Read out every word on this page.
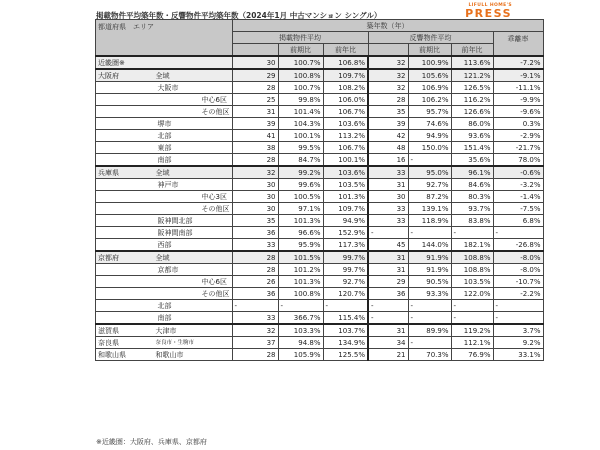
掲載物件平均築年数・反響物件平均築年数（2024年1月 中古マンション シングル）
LIFULL HOME'S
PRESS
都道府県　エリア		築年数（年）						
		掲載物件平均			反響物件平均			乖離率
			前期比	前年比		前期比	前年比	
近畿圏※		30	100.7%	106.8%	32	100.9%	113.6%	-7.2%
大阪府	全域	29	100.8%	109.7%	32	105.6%	121.2%	-9.1%
	大阪市	28	100.7%	108.2%	32	106.9%	126.5%	-11.1%
	中心6区	25	99.8%	106.0%	28	106.2%	116.2%	-9.9%
	その他区	31	101.4%	106.7%	35	95.7%	126.6%	-9.6%
	堺市	39	104.3%	103.6%	39	74.6%	86.0%	0.3%
	北部	41	100.1%	113.2%	42	94.9%	93.6%	-2.9%
	東部	38	99.5%	106.7%	48	150.0%	151.4%	-21.7%
	南部	28	84.7%	100.1%	16	-	35.6%	78.0%
兵庫県	全域	32	99.2%	103.6%	33	95.0%	96.1%	-0.6%
	神戸市	30	99.6%	103.5%	31	92.7%	84.6%	-3.2%
	中心3区	30	100.5%	101.3%	30	87.2%	80.3%	-1.4%
	その他区	30	97.1%	109.7%	33	139.1%	93.7%	-7.5%
	阪神間北部	35	101.3%	94.9%	33	118.9%	83.8%	6.8%
	阪神間南部	36	96.6%	152.9%	-	-	-	-
	西部	33	95.9%	117.3%	45	144.0%	182.1%	-26.8%
京都府	全域	28	101.5%	99.7%	31	91.9%	108.8%	-8.0%
	京都市	28	101.2%	99.7%	31	91.9%	108.8%	-8.0%
	中心6区	26	101.3%	92.7%	29	90.5%	103.5%	-10.7%
	その他区	36	100.8%	120.7%	36	93.3%	122.0%	-2.2%
	北部	-	-	-	-	-	-	-
	南部	33	366.7%	115.4%	-	-	-	-
滋賀県	大津市	32	103.3%	103.7%	31	89.9%	119.2%	3.7%
奈良県	奈良市・生駒市	37	94.8%	134.9%	34	-	112.1%	9.2%
和歌山県	和歌山市	28	105.9%	125.5%	21	70.3%	76.9%	33.1%
※近畿圏：大阪府、兵庫県、京都府
